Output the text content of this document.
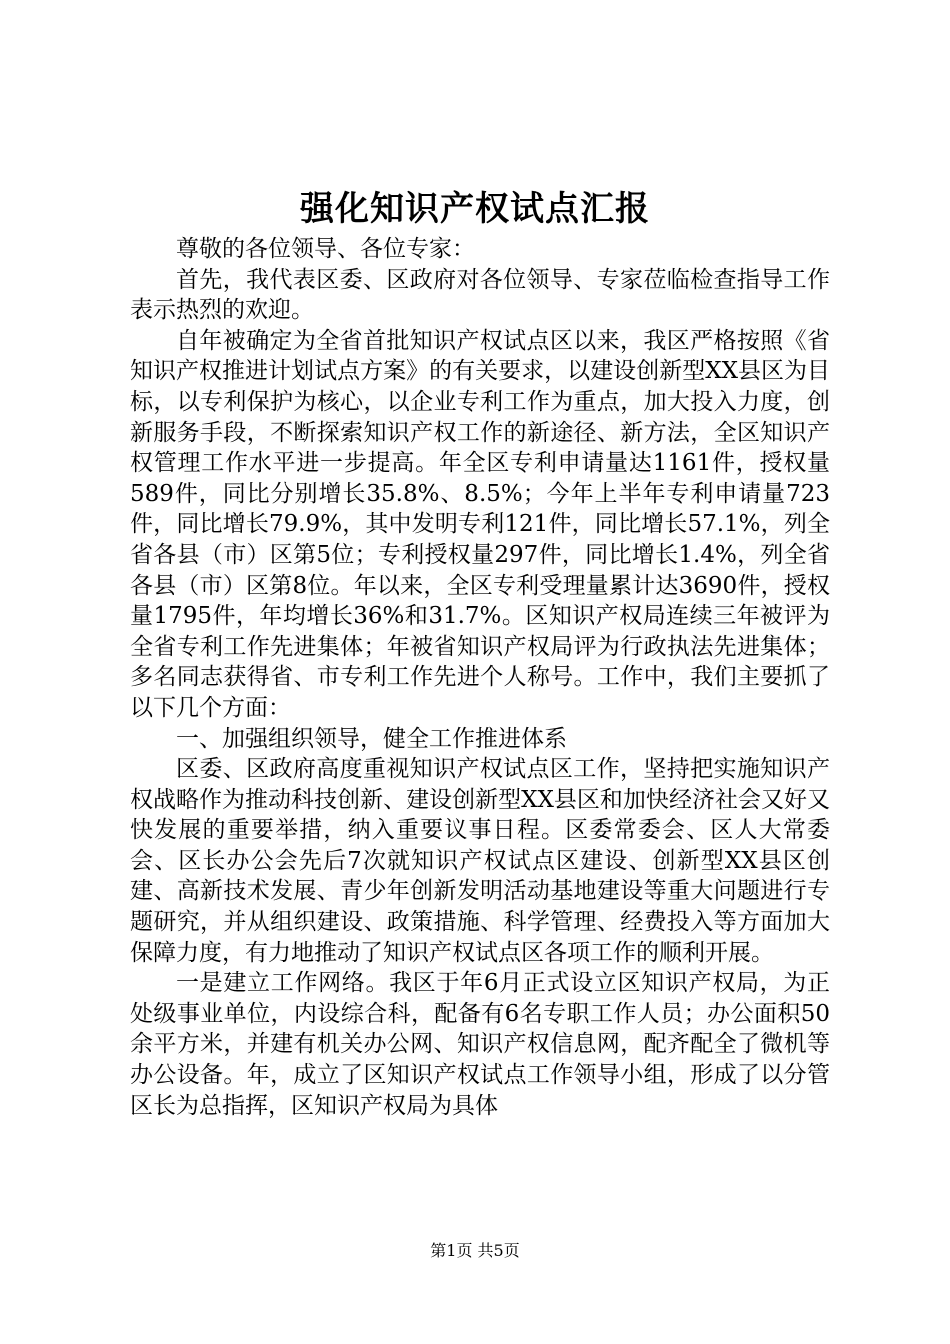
强化知识产权试点汇报

尊敬的各位领导、各位专家：

首先，我代表区委、区政府对各位领导、专家莅临检查指导工作表示热烈的欢迎。

自年被确定为全省首批知识产权试点区以来，我区严格按照《省知识产权推进计划试点方案》的有关要求，以建设创新型XX县区为目标，以专利保护为核心，以企业专利工作为重点，加大投入力度，创新服务手段，不断探索知识产权工作的新途径、新方法，全区知识产权管理工作水平进一步提高。年全区专利申请量达1161件，授权量589件，同比分别增长35.8%、8.5%；今年上半年专利申请量723件，同比增长79.9%，其中发明专利121件，同比增长57.1%，列全省各县（市）区第5位；专利授权量297件，同比增长1.4%，列全省各县（市）区第8位。年以来，全区专利受理量累计达3690件，授权量1795件，年均增长36%和31.7%。区知识产权局连续三年被评为全省专利工作先进集体；年被省知识产权局评为行政执法先进集体；多名同志获得省、市专利工作先进个人称号。工作中，我们主要抓了以下几个方面：

一、加强组织领导，健全工作推进体系

区委、区政府高度重视知识产权试点区工作，坚持把实施知识产权战略作为推动科技创新、建设创新型XX县区和加快经济社会又好又快发展的重要举措，纳入重要议事日程。区委常委会、区人大常委会、区长办公会先后7次就知识产权试点区建设、创新型XX县区创建、高新技术发展、青少年创新发明活动基地建设等重大问题进行专题研究，并从组织建设、政策措施、科学管理、经费投入等方面加大保障力度，有力地推动了知识产权试点区各项工作的顺利开展。

一是建立工作网络。我区于年6月正式设立区知识产权局，为正处级事业单位，内设综合科，配备有6名专职工作人员；办公面积50余平方米，并建有机关办公网、知识产权信息网，配齐配全了微机等办公设备。年，成立了区知识产权试点工作领导小组，形成了以分管区长为总指挥，区知识产权局为具体

第1页 共5页
